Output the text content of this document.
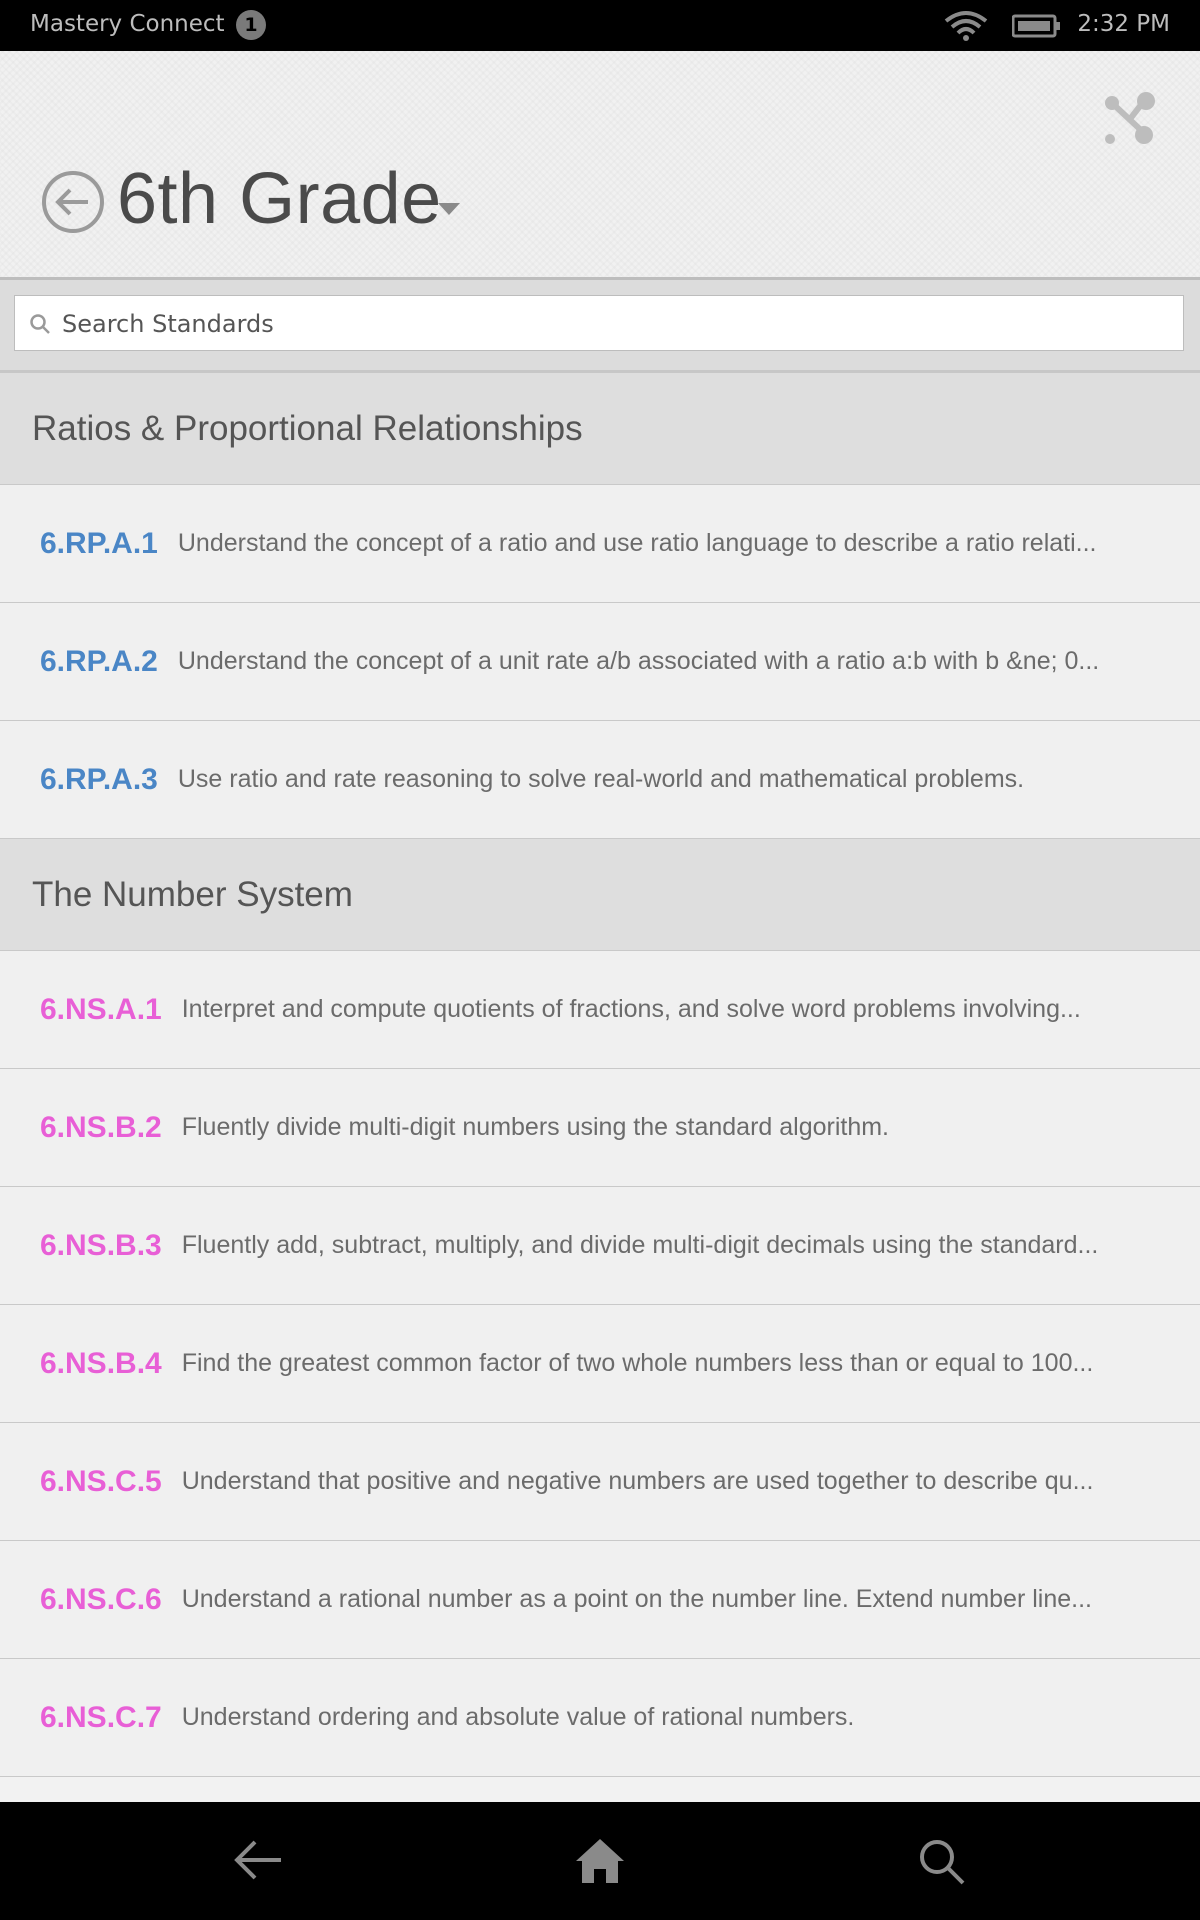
Mastery Connect	1	2:32 PM
6th Grade
Search Standards
Ratios & Proportional Relationships
6.RP.A.1 Understand the concept of a ratio and use ratio language to describe a ratio relati...
6.RP.A.2 Understand the concept of a unit rate a/b associated with a ratio a:b with b &ne; 0...
6.RP.A.3 Use ratio and rate reasoning to solve real-world and mathematical problems.
The Number System
6.NS.A.1 Interpret and compute quotients of fractions, and solve word problems involving...
6.NS.B.2 Fluently divide multi-digit numbers using the standard algorithm.
6.NS.B.3 Fluently add, subtract, multiply, and divide multi-digit decimals using the standard...
6.NS.B.4 Find the greatest common factor of two whole numbers less than or equal to 100...
6.NS.C.5 Understand that positive and negative numbers are used together to describe qu...
6.NS.C.6 Understand a rational number as a point on the number line. Extend number line...
6.NS.C.7 Understand ordering and absolute value of rational numbers.
